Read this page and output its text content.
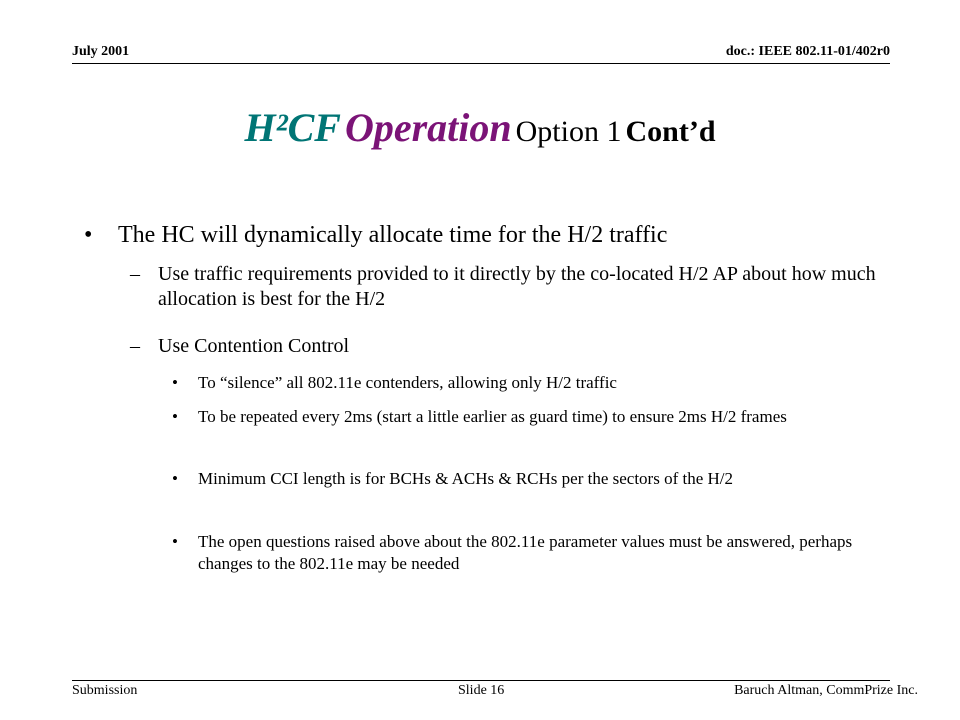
July 2001	doc.: IEEE 802.11-01/402r0
H²CF Operation Option 1 Cont’d
•	The HC will dynamically allocate time for the H/2 traffic
– Use traffic requirements provided to it directly by the co-located H/2 AP about how much allocation is best for the H/2
– Use Contention Control
•	To “silence” all 802.11e contenders, allowing only H/2 traffic
•	To be repeated every 2ms (start a little earlier as guard time) to ensure 2ms H/2 frames
•	Minimum CCI length is for BCHs & ACHs & RCHs per the sectors of the H/2
•	The open questions raised above about the 802.11e parameter values must be answered, perhaps changes to the 802.11e may be needed
Submission	Slide 16	Baruch Altman, CommPrize Inc.
